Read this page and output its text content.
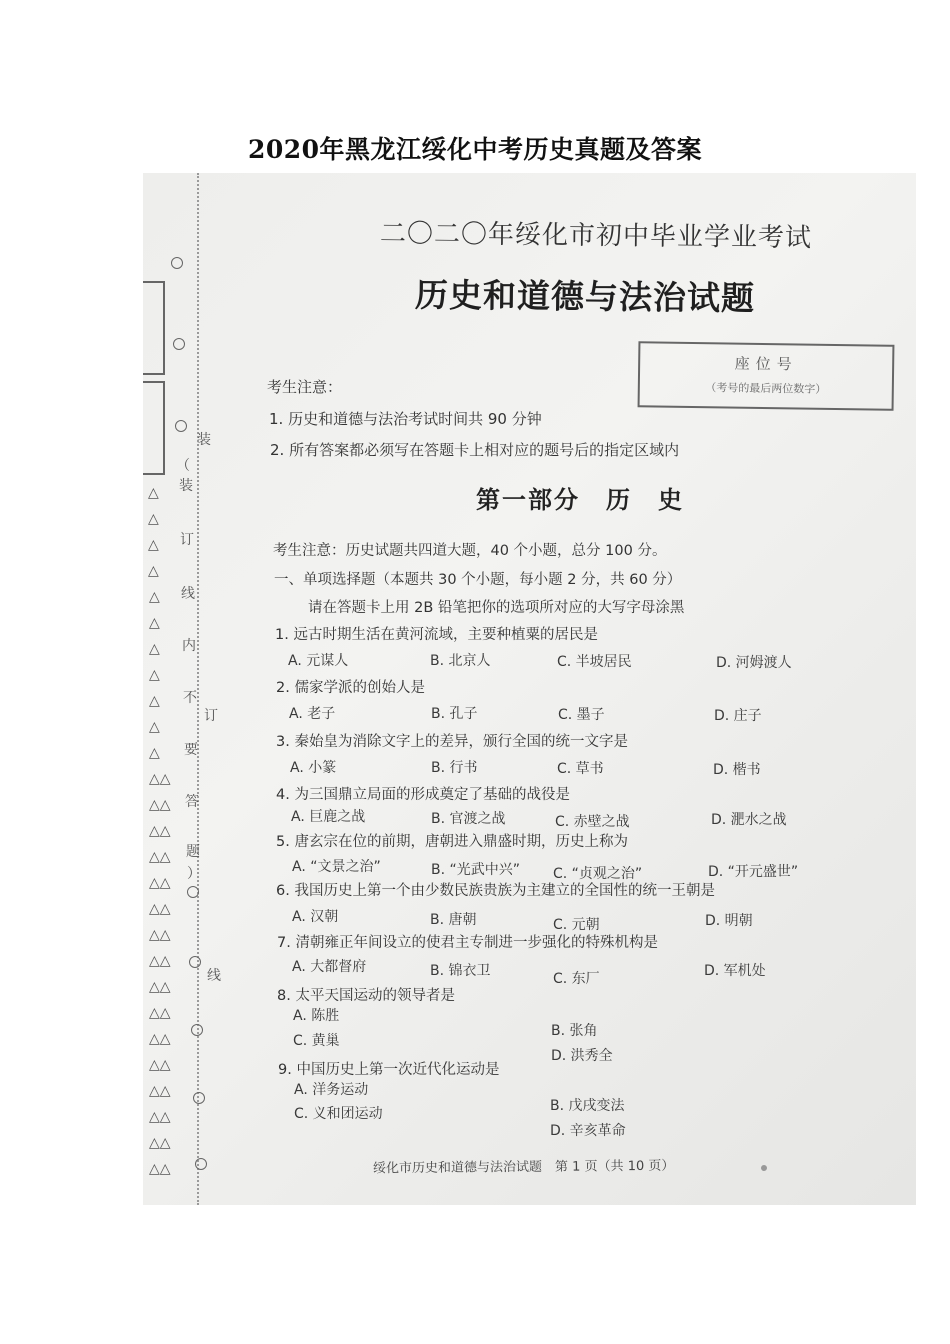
2020年黑龙江绥化中考历史真题及答案
装
（
装
订
线
内
不
订
要
答
题
）
线
△
△
△
△
△
△
△
△
△
△
△
△△
△△
△△
△△
△△
△△
△△
△△
△△
△△
△△
△△
△△
△△
△△
△△
二〇二〇年绥化市初中毕业学业考试
历史和道德与法治试题
座位号
（考号的最后两位数字）
考生注意：
1. 历史和道德与法治考试时间共 90 分钟
2. 所有答案都必须写在答题卡上相对应的题号后的指定区域内
第一部分　历　史
考生注意：历史试题共四道大题，40 个小题，总分 100 分。
一、单项选择题（本题共 30 个小题，每小题 2 分，共 60 分）
请在答题卡上用 2B 铅笔把你的选项所对应的大写字母涂黑
1. 远古时期生活在黄河流域，主要种植粟的居民是
A. 元谋人	B. 北京人	C. 半坡居民	D. 河姆渡人
2. 儒家学派的创始人是
A. 老子	B. 孔子	C. 墨子	D. 庄子
3. 秦始皇为消除文字上的差异，颁行全国的统一文字是
A. 小篆	B. 行书	C. 草书	D. 楷书
4. 为三国鼎立局面的形成奠定了基础的战役是
A. 巨鹿之战	B. 官渡之战	C. 赤壁之战	D. 淝水之战
5. 唐玄宗在位的前期，唐朝进入鼎盛时期，历史上称为
A. “文景之治”	B. “光武中兴” C. “贞观之治”	D. “开元盛世”
6. 我国历史上第一个由少数民族贵族为主建立的全国性的统一王朝是
A. 汉朝	B. 唐朝	C. 元朝	D. 明朝
7. 清朝雍正年间设立的使君主专制进一步强化的特殊机构是
A. 大都督府	B. 锦衣卫	C. 东厂	D. 军机处
8. 太平天国运动的领导者是
A. 陈胜
B. 张角
C. 黄巢
D. 洪秀全
9. 中国历史上第一次近代化运动是
A. 洋务运动
B. 戊戌变法
C. 义和团运动
D. 辛亥革命
绥化市历史和道德与法治试题　第 1 页（共 10 页）
